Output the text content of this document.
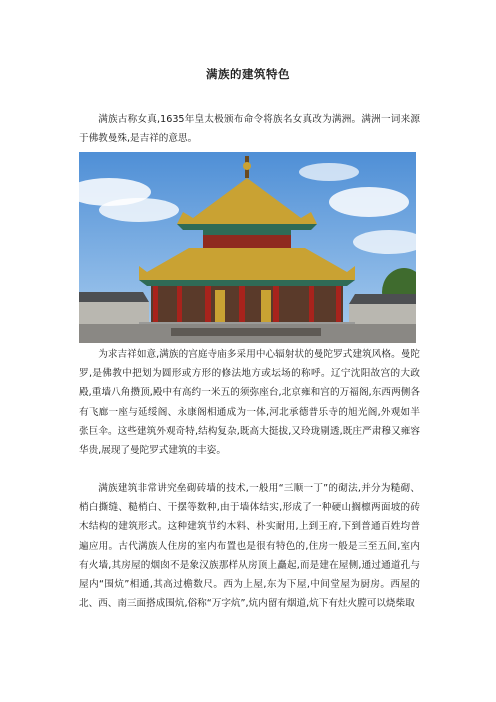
满族的建筑特色

满族古称女真,1635年皇太极颁布命令将族名女真改为满洲。满洲一词来源于佛教曼殊,是吉祥的意思。

为求吉祥如意,满族的宫庭寺庙多采用中心辐射状的曼陀罗式建筑风格。曼陀罗,是佛教中把划为圆形或方形的修法地方或坛场的称呼。辽宁沈阳故宫的大政殿,重墙八角攒顶,殿中有高约一米五的须弥座台,北京雍和宫的万福阁,东西两侧各有飞廊一座与延绥阁、永康阁相通成为一体,河北承德普乐寺的旭光阁,外观如半张巨伞。这些建筑外观奇特,结构复杂,既高大挺拔,又玲珑剔透,既庄严肃穆又雍容华贵,展现了曼陀罗式建筑的丰姿。

满族建筑非常讲究垒砌砖墙的技术,一般用“三顺一丁”的砌法,并分为糙砌、梢白撕缝、糙梢白、干摆等数种,由于墙体结实,形成了一种硬山搁檩两面坡的砖木结构的建筑形式。这种建筑节约木料、朴实耐用,上到王府,下到普通百姓均普遍应用。古代满族人住房的室内布置也是很有特色的,住房一般是三至五间,室内有火墙,其房屋的烟囱不是象汉族那样从房顶上矗起,而是建在屋侧,通过通道孔与屋内“围炕”相通,其高过檐数尺。西为上屋,东为下屋,中间堂屋为厨房。西屋的北、西、南三面搭成围炕,俗称“万字炕”,炕内留有烟道,炕下有灶火膛可以烧柴取
